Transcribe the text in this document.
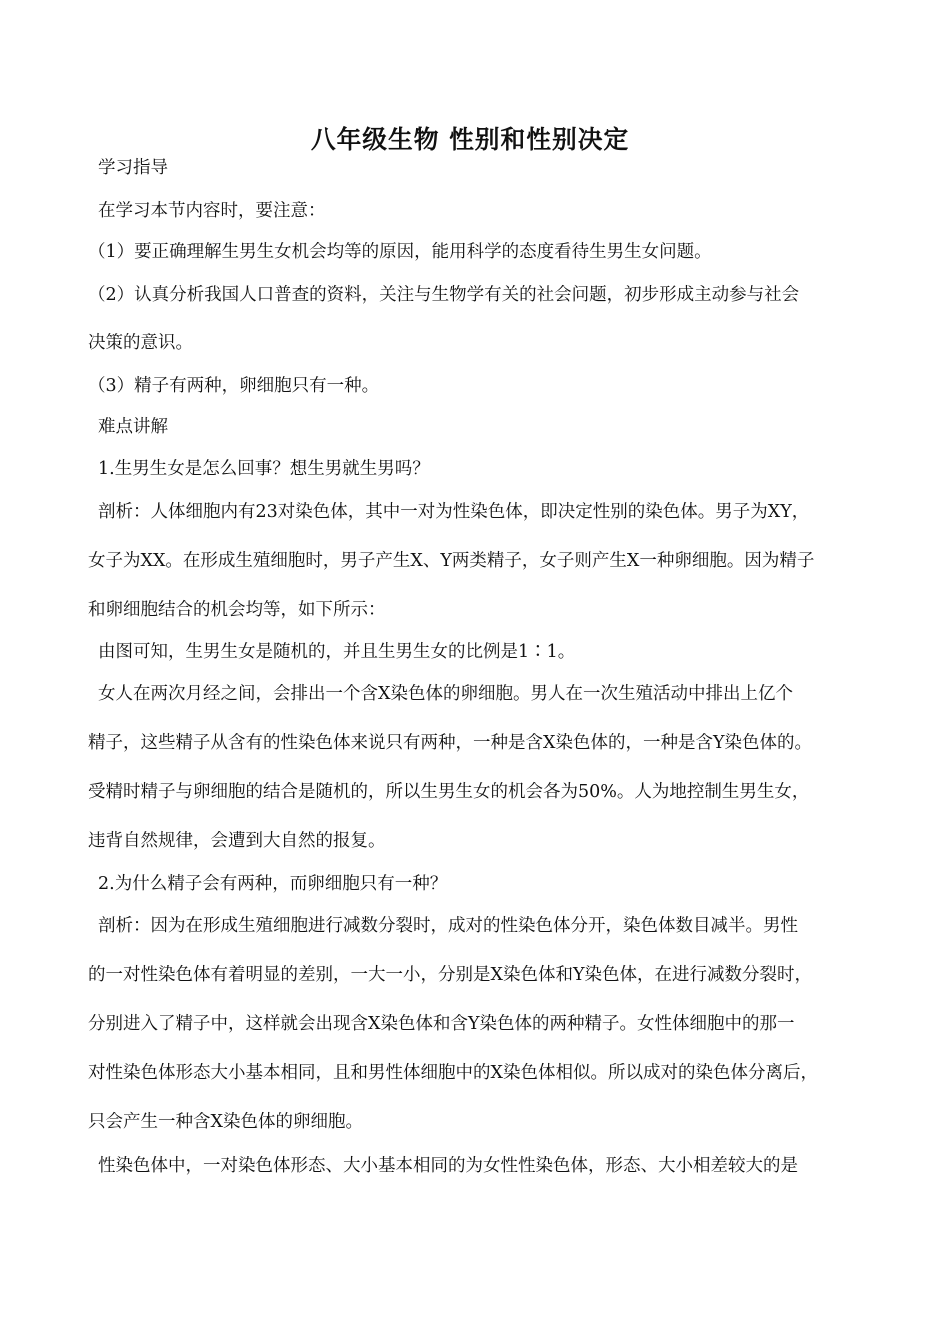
八年级生物 性别和性别决定
学习指导
在学习本节内容时，要注意：
（1）要正确理解生男生女机会均等的原因，能用科学的态度看待生男生女问题。
（2）认真分析我国人口普查的资料，关注与生物学有关的社会问题，初步形成主动参与社会
决策的意识。
（3）精子有两种，卵细胞只有一种。
难点讲解
1.生男生女是怎么回事？想生男就生男吗？
剖析：人体细胞内有23对染色体，其中一对为性染色体，即决定性别的染色体。男子为XY，
女子为XX。在形成生殖细胞时，男子产生X、Y两类精子，女子则产生X一种卵细胞。因为精子
和卵细胞结合的机会均等，如下所示：
由图可知，生男生女是随机的，并且生男生女的比例是1∶1。
女人在两次月经之间，会排出一个含X染色体的卵细胞。男人在一次生殖活动中排出上亿个
精子，这些精子从含有的性染色体来说只有两种，一种是含X染色体的，一种是含Y染色体的。
受精时精子与卵细胞的结合是随机的，所以生男生女的机会各为50%。人为地控制生男生女，
违背自然规律，会遭到大自然的报复。
2.为什么精子会有两种，而卵细胞只有一种？
剖析：因为在形成生殖细胞进行减数分裂时，成对的性染色体分开，染色体数目减半。男性
的一对性染色体有着明显的差别，一大一小，分别是X染色体和Y染色体，在进行减数分裂时，
分别进入了精子中，这样就会出现含X染色体和含Y染色体的两种精子。女性体细胞中的那一
对性染色体形态大小基本相同，且和男性体细胞中的X染色体相似。所以成对的染色体分离后，
只会产生一种含X染色体的卵细胞。
性染色体中，一对染色体形态、大小基本相同的为女性性染色体，形态、大小相差较大的是
